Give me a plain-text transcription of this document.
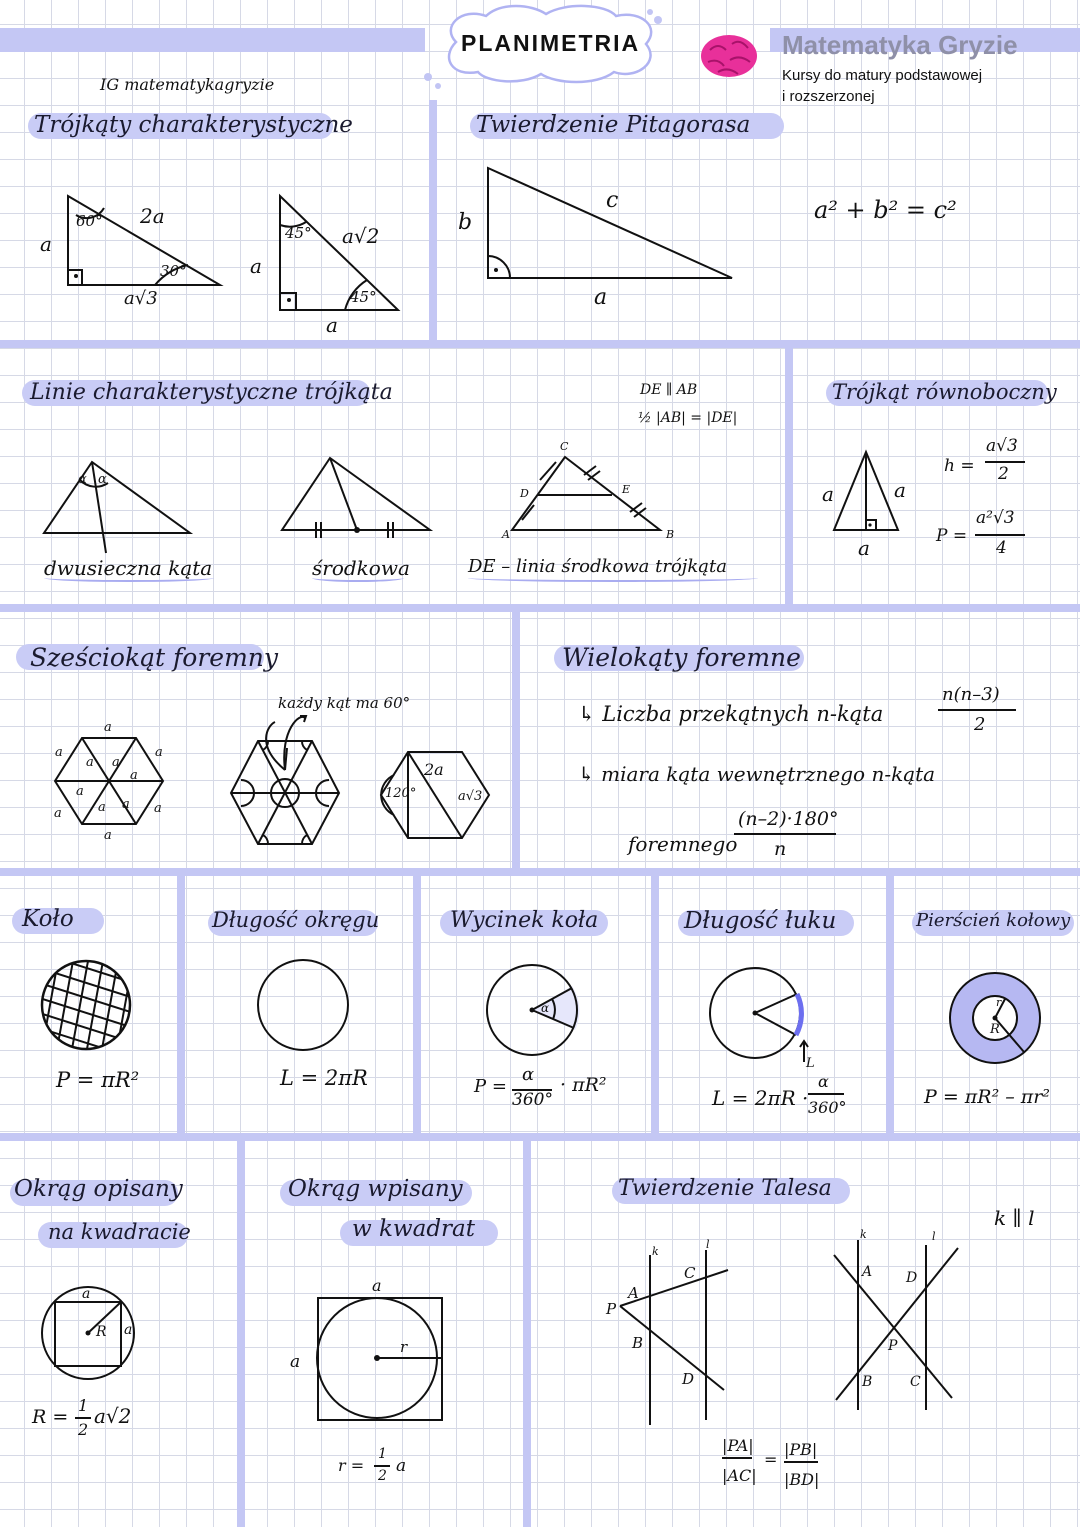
PLANIMETRIA
IG matematykagryzie
Matematyka Gryzie
Kursy do matury podstawowej
i rozszerzonej
Trójkąty charakterystyczne
60° 2a
a
30°
a√3
45° a√2
a
45°
a
Twierdzenie Pitagorasa
b
c
a
a² + b² = c²
Linie charakterystyczne trójkąta
α α
dwusieczna kąta	środkowa	DE – linia środkowa trójkąta
DE ∥ AB
½ |AB| = |DE|
C
D	E
A	B
Trójkąt równoboczny
a	a
a
h =
a√3
2
P =
a²√3
4
Sześciokąt foremny
każdy kąt ma 60°
a
a	a
a a
a
a
a a
a	a
a
120°
2a
a√3
Wielokąty foremne
↳ Liczba przekątnych n-kąta
n(n–3)
2
↳ miara kąta wewnętrznego n-kąta
foremnego
(n–2)·180°
n
Koło
P = πR²
Długość okręgu
L = 2πR
Wycinek koła
α
P =
α
360°
· πR²
Długość łuku
L
L = 2πR ·
α
360°
Pierścień kołowy
r
R
P = πR² – πr²
Okrąg opisany
na kwadracie
a
a
R
R =
1
2
a√2
Okrąg wpisany
w kwadrat
a
a
r
r =
1
2 a
Twierdzenie Talesa
k ∥ l
k
l
P
A
B
C
D
k	l
A D
P
B	C
|PA|
|AC|
=
|PB|
|BD|
